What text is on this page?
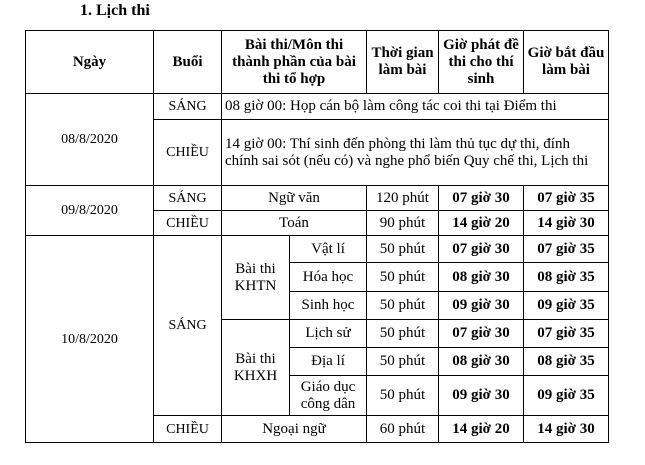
1. Lịch thi
Ngày	Buổi	Bài thi/Môn thi thành phần của bài thi tổ hợp		Thời gian làm bài	Giờ phát đề thi cho thí sinh	Giờ bắt đầu làm bài
08/8/2020	SÁNG	08 giờ 00: Họp cán bộ làm công tác coi thi tại Điểm thi				
	CHIỀU	14 giờ 00: Thí sinh đến phòng thi làm thủ tục dự thi, đính chính sai sót (nếu có) và nghe phổ biến Quy chế thi, Lịch thi				
09/8/2020	SÁNG	Ngữ văn		120 phút	07 giờ 30	07 giờ 35
	CHIỀU	Toán		90 phút	14 giờ 20	14 giờ 30
10/8/2020	SÁNG	Bài thi KHTN	Vật lí	50 phút	07 giờ 30	07 giờ 35
			Hóa học	50 phút	08 giờ 30	08 giờ 35
			Sinh học	50 phút	09 giờ 30	09 giờ 35
		Bài thi KHXH	Lịch sử	50 phút	07 giờ 30	07 giờ 35
			Địa lí	50 phút	08 giờ 30	08 giờ 35
			Giáo dục công dân	50 phút	09 giờ 30	09 giờ 35
	CHIỀU	Ngoại ngữ		60 phút	14 giờ 20	14 giờ 30
